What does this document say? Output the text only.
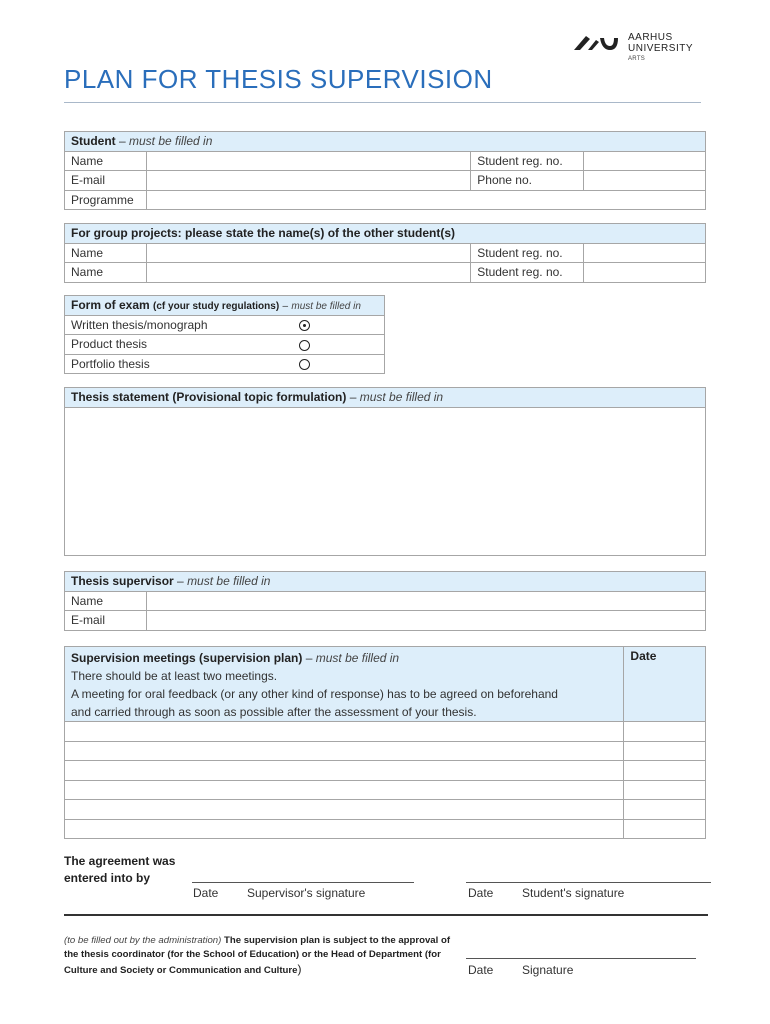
AARHUS
UNIVERSITY
ARTS
PLAN FOR THESIS SUPERVISION
Student – must be filled in			
Name		Student reg. no.	
E-mail		Phone no.	
Programme			
For group projects: please state the name(s) of the other student(s)			
Name		Student reg. no.	
Name		Student reg. no.	
Form of exam (cf your study regulations) – must be filled in	
Written thesis/monograph	
Product thesis	
Portfolio thesis	
Thesis statement (Provisional topic formulation) – must be filled in

Thesis supervisor – must be filled in	
Name	
E-mail	
Supervision meetings (supervision plan) – must be filled in
There should be at least two meetings.
A meeting for oral feedback (or any other kind of response) has to be agreed on beforehand
and carried through as soon as possible after the assessment of your thesis.	Date

The agreement was
entered into by
Date Supervisor's signature	Date Student's signature
(to be filled out by the administration) The supervision plan is subject to the approval of the thesis coordinator (for the School of Education) or the Head of Department (for Culture and Society or Communication and Culture)	Date Signature
